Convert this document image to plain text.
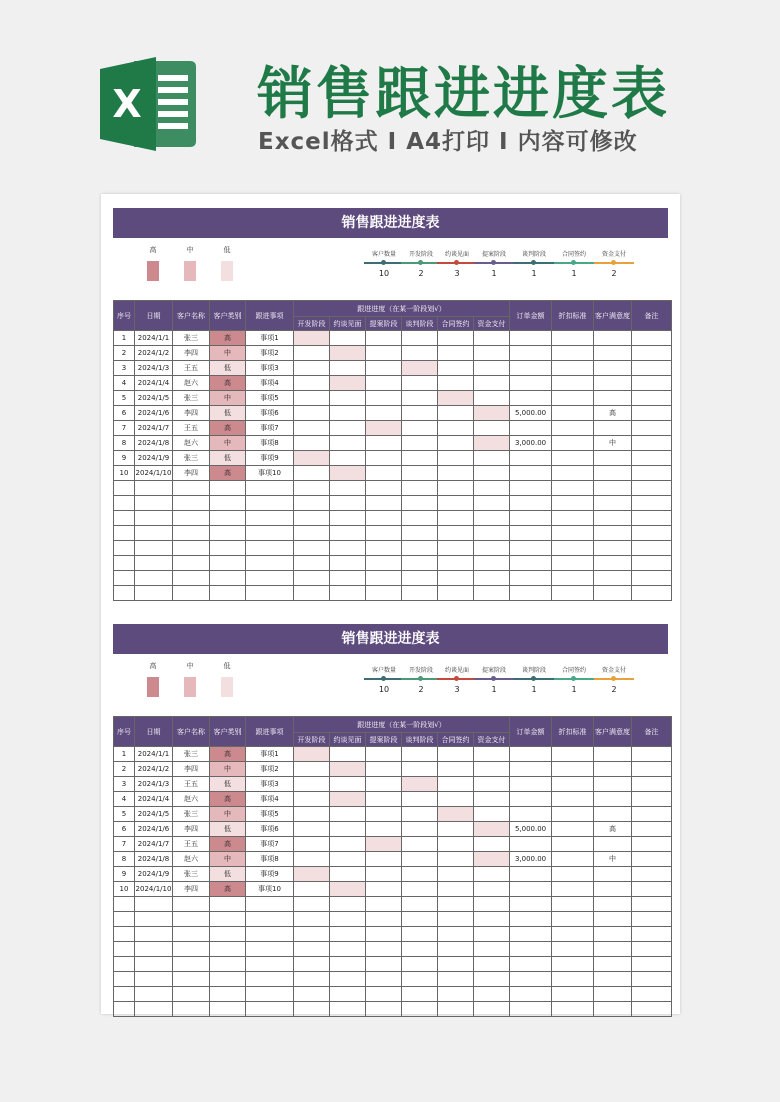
X 销售跟进进度表
Excel格式 I A4打印 I 内容可修改
销售跟进进度表
高	中	低
客户数量
10
开发阶段
2
约谈见面
3
提案阶段
1
谈判阶段
1
合同签约
1
资金支付
2
序号	日期	客户名称	客户类别	跟进事项	跟进进度（在某一阶段划√）						订单金额	折扣标准	客户满意度	备注
					开发阶段	约谈见面	提案阶段	谈判阶段	合同签约	资金支付				
1	2024/1/1	张三	高	事项1										
2	2024/1/2	李四	中	事项2										
3	2024/1/3	王五	低	事项3										
4	2024/1/4	赵六	高	事项4										
5	2024/1/5	张三	中	事项5										
6	2024/1/6	李四	低	事项6							5,000.00		高	
7	2024/1/7	王五	高	事项7										
8	2024/1/8	赵六	中	事项8							3,000.00		中	
9	2024/1/9	张三	低	事项9										
10	2024/1/10	李四	高	事项10										

销售跟进进度表
高	中	低
客户数量
10
开发阶段
2
约谈见面
3
提案阶段
1
谈判阶段
1
合同签约
1
资金支付
2
序号	日期	客户名称	客户类别	跟进事项	跟进进度（在某一阶段划√）						订单金额	折扣标准	客户满意度	备注
					开发阶段	约谈见面	提案阶段	谈判阶段	合同签约	资金支付				
1	2024/1/1	张三	高	事项1										
2	2024/1/2	李四	中	事项2										
3	2024/1/3	王五	低	事项3										
4	2024/1/4	赵六	高	事项4										
5	2024/1/5	张三	中	事项5										
6	2024/1/6	李四	低	事项6							5,000.00		高	
7	2024/1/7	王五	高	事项7										
8	2024/1/8	赵六	中	事项8							3,000.00		中	
9	2024/1/9	张三	低	事项9										
10	2024/1/10	李四	高	事项10										
